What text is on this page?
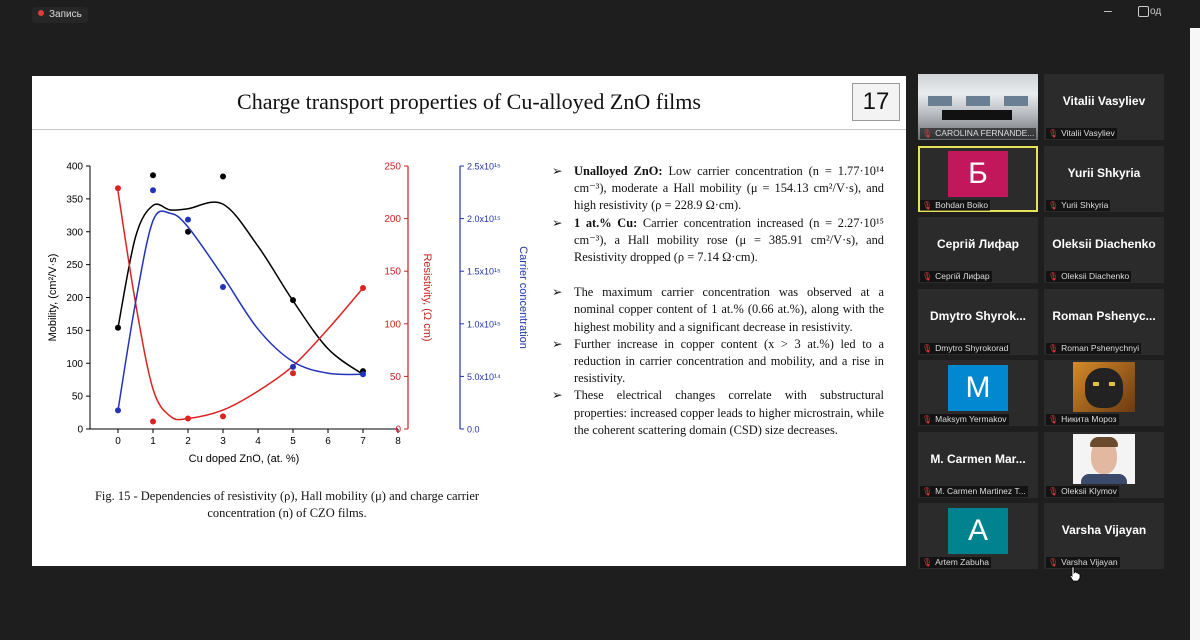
Запись	–	од
Charge transport properties of Cu-alloyed ZnO films	17
0	1	2	3	4	5	6	7	8
Cu doped ZnO, (at. %)
0
50
100
150
200
250
300
350
400
Mobility, (cm²/V·s)
0
50
100
150
200
250
Resistivity, (Ω cm)
0.0
5.0x10¹⁴
1.0x10¹⁵
1.5x10¹⁵
2.0x10¹⁵
2.5x10¹⁵
Carrier concentration
Fig. 15 - Dependencies of resistivity (ρ), Hall mobility (μ) and charge carrier
concentration (n) of CZO films.
➢ Unalloyed ZnO: Low carrier concentration (n = 1.77·10¹⁴ cm⁻³), moderate a Hall mobility (μ = 154.13 cm²/V·s), and high resistivity (ρ = 228.9 Ω·cm).
➢ 1 at.% Cu: Carrier concentration increased (n = 2.27·10¹⁵ cm⁻³), a Hall mobility rose (μ = 385.91 cm²/V·s), and Resistivity dropped (ρ = 7.14 Ω·cm).
➢ The maximum carrier concentration was observed at a nominal copper content of 1 at.% (0.66 at.%), along with the highest mobility and a significant decrease in resistivity.
➢ Further increase in copper content (x > 3 at.%) led to a reduction in carrier concentration and mobility, and a rise in resistivity.
➢ These electrical changes correlate with substructural properties: increased copper leads to higher microstrain, while the coherent scattering domain (CSD) size decreases.
🎙 CAROLINA FERNANDE...
Vitalii Vasyliev
🎙 Vitalii Vasyliev
Б
🎙 Bohdan Boiko
Yurii Shkyria
🎙 Yurii Shkyria
Сергій Лифар
🎙 Сергій Лифар
Oleksii Diachenko
🎙 Oleksii Diachenko
Dmytro Shyrok...
🎙 Dmytro Shyrokorad
Roman Pshenyc...
🎙 Roman Pshenychnyi
M
🎙 Maksym Yermakov	🎙 Никита Мороз
M. Carmen Mar...
🎙 M. Carmen Martinez T...	🎙 Oleksii Klymov
A
🎙 Artem Zabuha
Varsha Vijayan
🎙 Varsha Vijayan
